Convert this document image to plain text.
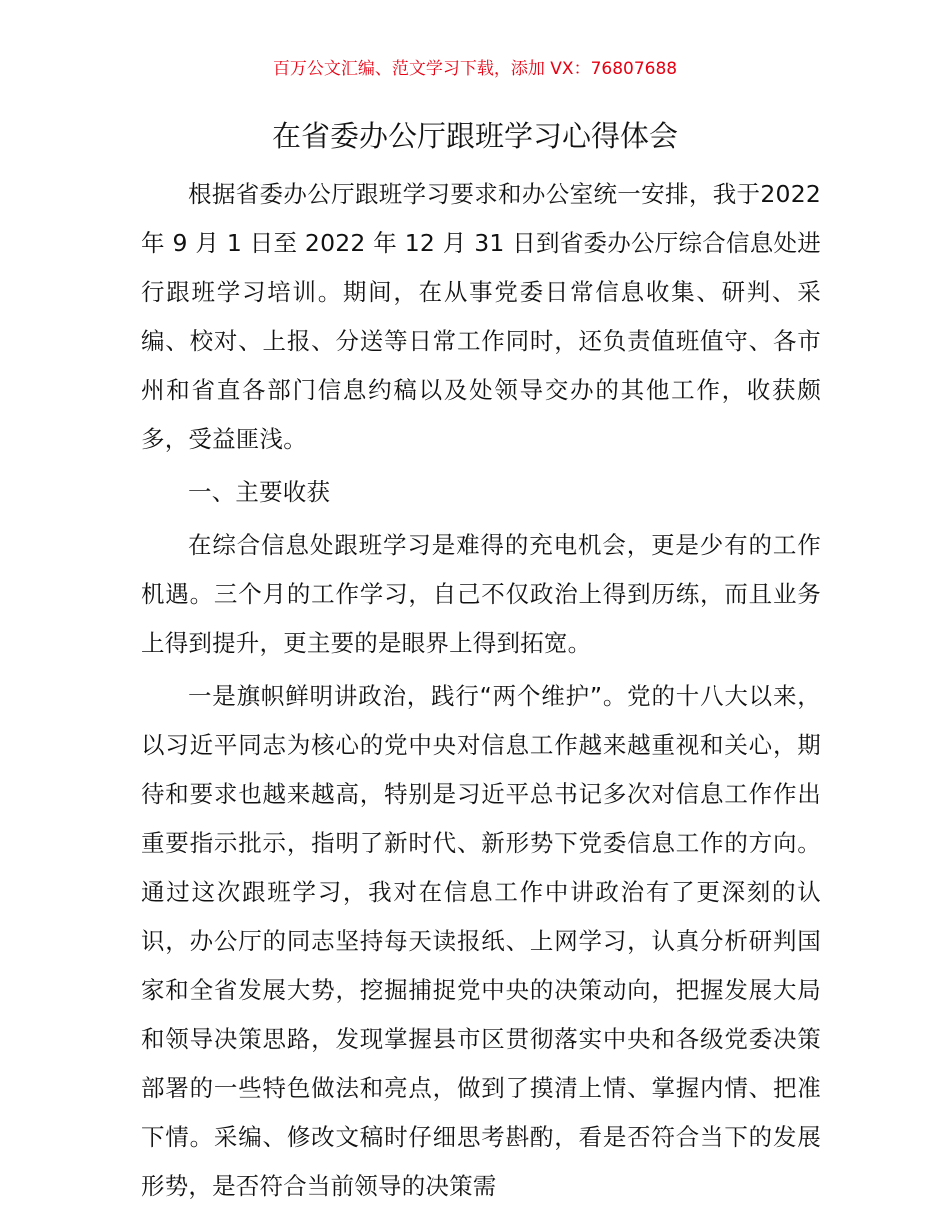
百万公文汇编、范文学习下载，添加 VX：76807688
在省委办公厅跟班学习心得体会

根据省委办公厅跟班学习要求和办公室统一安排，我于2022 年 9 月 1 日至 2022 年 12 月 31 日到省委办公厅综合信息处进行跟班学习培训。期间，在从事党委日常信息收集、研判、采编、校对、上报、分送等日常工作同时，还负责值班值守、各市州和省直各部门信息约稿以及处领导交办的其他工作，收获颇多，受益匪浅。

一、主要收获

在综合信息处跟班学习是难得的充电机会，更是少有的工作机遇。三个月的工作学习，自己不仅政治上得到历练，而且业务上得到提升，更主要的是眼界上得到拓宽。

一是旗帜鲜明讲政治，践行“两个维护”。党的十八大以来，以习近平同志为核心的党中央对信息工作越来越重视和关心，期待和要求也越来越高，特别是习近平总书记多次对信息工作作出重要指示批示，指明了新时代、新形势下党委信息工作的方向。通过这次跟班学习，我对在信息工作中讲政治有了更深刻的认识，办公厅的同志坚持每天读报纸、上网学习，认真分析研判国家和全省发展大势，挖掘捕捉党中央的决策动向，把握发展大局和领导决策思路，发现掌握县市区贯彻落实中央和各级党委决策部署的一些特色做法和亮点，做到了摸清上情、掌握内情、把准下情。采编、修改文稿时仔细思考斟酌，看是否符合当下的发展形势，是否符合当前领导的决策需
